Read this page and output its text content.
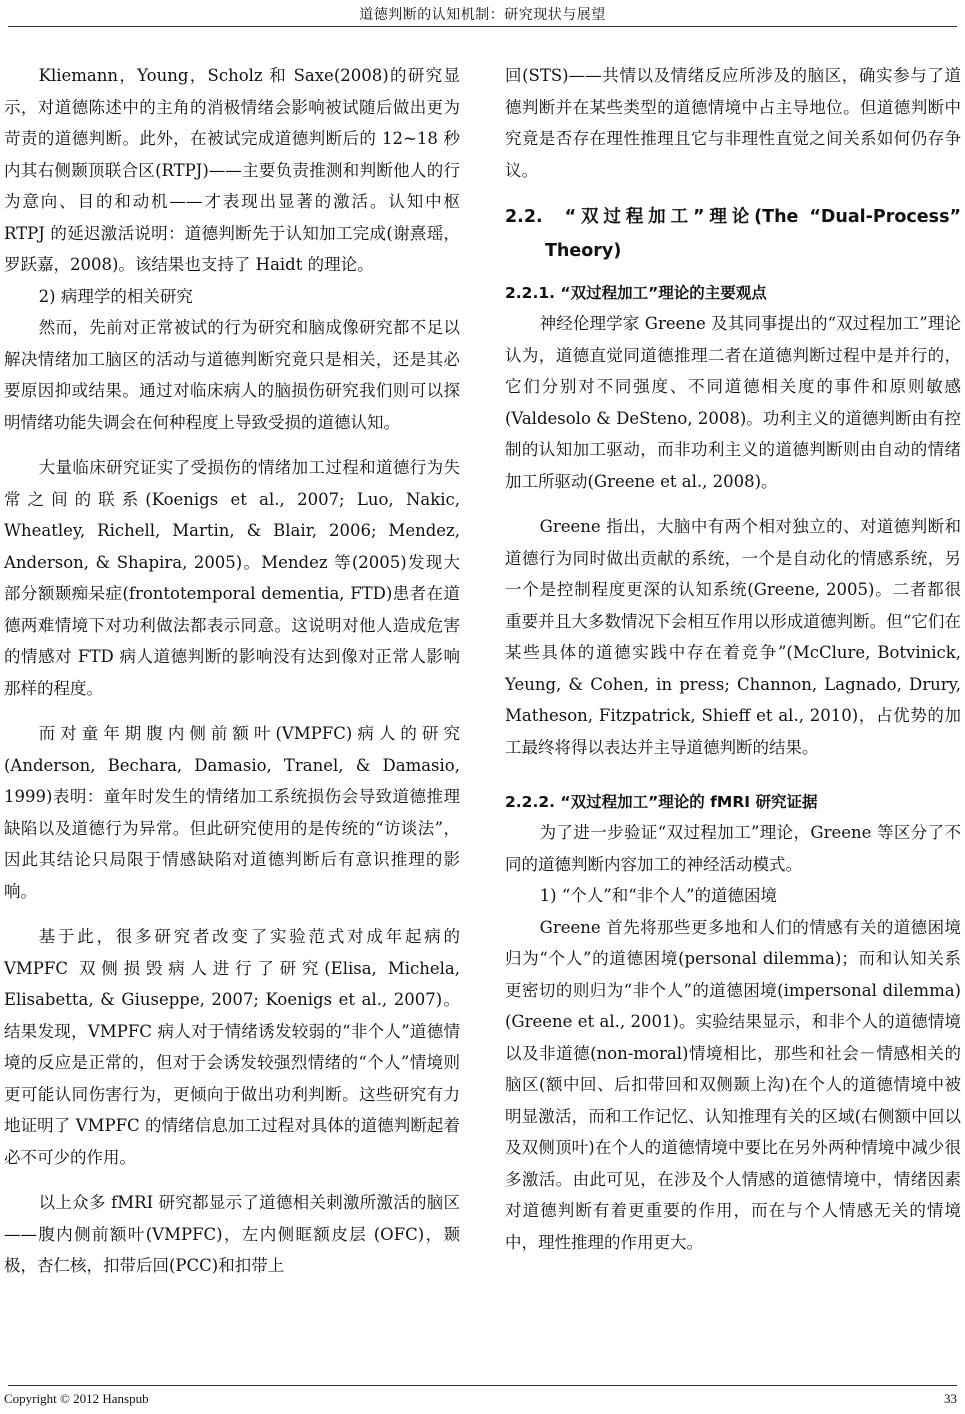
道德判断的认知机制：研究现状与展望

Kliemann，Young，Scholz 和 Saxe(2008)的研究显示，对道德陈述中的主角的消极情绪会影响被试随后做出更为苛责的道德判断。此外，在被试完成道德判断后的 12~18 秒内其右侧颞顶联合区(RTPJ)——主要负责推测和判断他人的行为意向、目的和动机——才表现出显著的激活。认知中枢 RTPJ 的延迟激活说明：道德判断先于认知加工完成(谢熹瑶，罗跃嘉，2008)。该结果也支持了 Haidt 的理论。

2) 病理学的相关研究

然而，先前对正常被试的行为研究和脑成像研究都不足以解决情绪加工脑区的活动与道德判断究竟只是相关，还是其必要原因抑或结果。通过对临床病人的脑损伤研究我们则可以探明情绪功能失调会在何种程度上导致受损的道德认知。

大量临床研究证实了受损伤的情绪加工过程和道德行为失常之间的联系(Koenigs et al., 2007; Luo, Nakic, Wheatley, Richell, Martin, & Blair, 2006; Mendez, Anderson, & Shapira, 2005)。Mendez 等(2005)发现大部分额颞痴呆症(frontotemporal dementia, FTD)患者在道德两难情境下对功利做法都表示同意。这说明对他人造成危害的情感对 FTD 病人道德判断的影响没有达到像对正常人影响那样的程度。

而对童年期腹内侧前额叶(VMPFC)病人的研究(Anderson, Bechara, Damasio, Tranel, & Damasio, 1999)表明：童年时发生的情绪加工系统损伤会导致道德推理缺陷以及道德行为异常。但此研究使用的是传统的“访谈法”，因此其结论只局限于情感缺陷对道德判断后有意识推理的影响。

基于此，很多研究者改变了实验范式对成年起病的 VMPFC 双侧损毁病人进行了研究(Elisa, Michela, Elisabetta, & Giuseppe, 2007; Koenigs et al., 2007)。结果发现，VMPFC 病人对于情绪诱发较弱的“非个人”道德情境的反应是正常的，但对于会诱发较强烈情绪的“个人”情境则更可能认同伤害行为，更倾向于做出功利判断。这些研究有力地证明了 VMPFC 的情绪信息加工过程对具体的道德判断起着必不可少的作用。

以上众多 fMRI 研究都显示了道德相关刺激所激活的脑区——腹内侧前额叶(VMPFC)，左内侧眶额皮层 (OFC)，颞极，杏仁核，扣带后回(PCC)和扣带上

回(STS)——共情以及情绪反应所涉及的脑区，确实参与了道德判断并在某些类型的道德情境中占主导地位。但道德判断中究竟是否存在理性推理且它与非理性直觉之间关系如何仍存争议。

2.2. “双过程加工”理论(The “Dual-Process” Theory)
2.2.1. “双过程加工”理论的主要观点

神经伦理学家 Greene 及其同事提出的“双过程加工”理论认为，道德直觉同道德推理二者在道德判断过程中是并行的，它们分别对不同强度、不同道德相关度的事件和原则敏感(Valdesolo & DeSteno, 2008)。功利主义的道德判断由有控制的认知加工驱动，而非功利主义的道德判断则由自动的情绪加工所驱动(Greene et al., 2008)。

Greene 指出，大脑中有两个相对独立的、对道德判断和道德行为同时做出贡献的系统，一个是自动化的情感系统，另一个是控制程度更深的认知系统(Greene, 2005)。二者都很重要并且大多数情况下会相互作用以形成道德判断。但“它们在某些具体的道德实践中存在着竞争”(McClure, Botvinick, Yeung, & Cohen, in press; Channon, Lagnado, Drury, Matheson, Fitzpatrick, Shieff et al., 2010)，占优势的加工最终将得以表达并主导道德判断的结果。

2.2.2. “双过程加工”理论的 fMRI 研究证据

为了进一步验证“双过程加工”理论，Greene 等区分了不同的道德判断内容加工的神经活动模式。

1) “个人”和“非个人”的道德困境

Greene 首先将那些更多地和人们的情感有关的道德困境归为“个人”的道德困境(personal dilemma)；而和认知关系更密切的则归为“非个人”的道德困境(impersonal dilemma)(Greene et al., 2001)。实验结果显示，和非个人的道德情境以及非道德(non-moral)情境相比，那些和社会－情感相关的脑区(额中回、后扣带回和双侧颞上沟)在个人的道德情境中被明显激活，而和工作记忆、认知推理有关的区域(右侧额中回以及双侧顶叶)在个人的道德情境中要比在另外两种情境中减少很多激活。由此可见，在涉及个人情感的道德情境中，情绪因素对道德判断有着更重要的作用，而在与个人情感无关的情境中，理性推理的作用更大。

Copyright © 2012 Hanspub	33
